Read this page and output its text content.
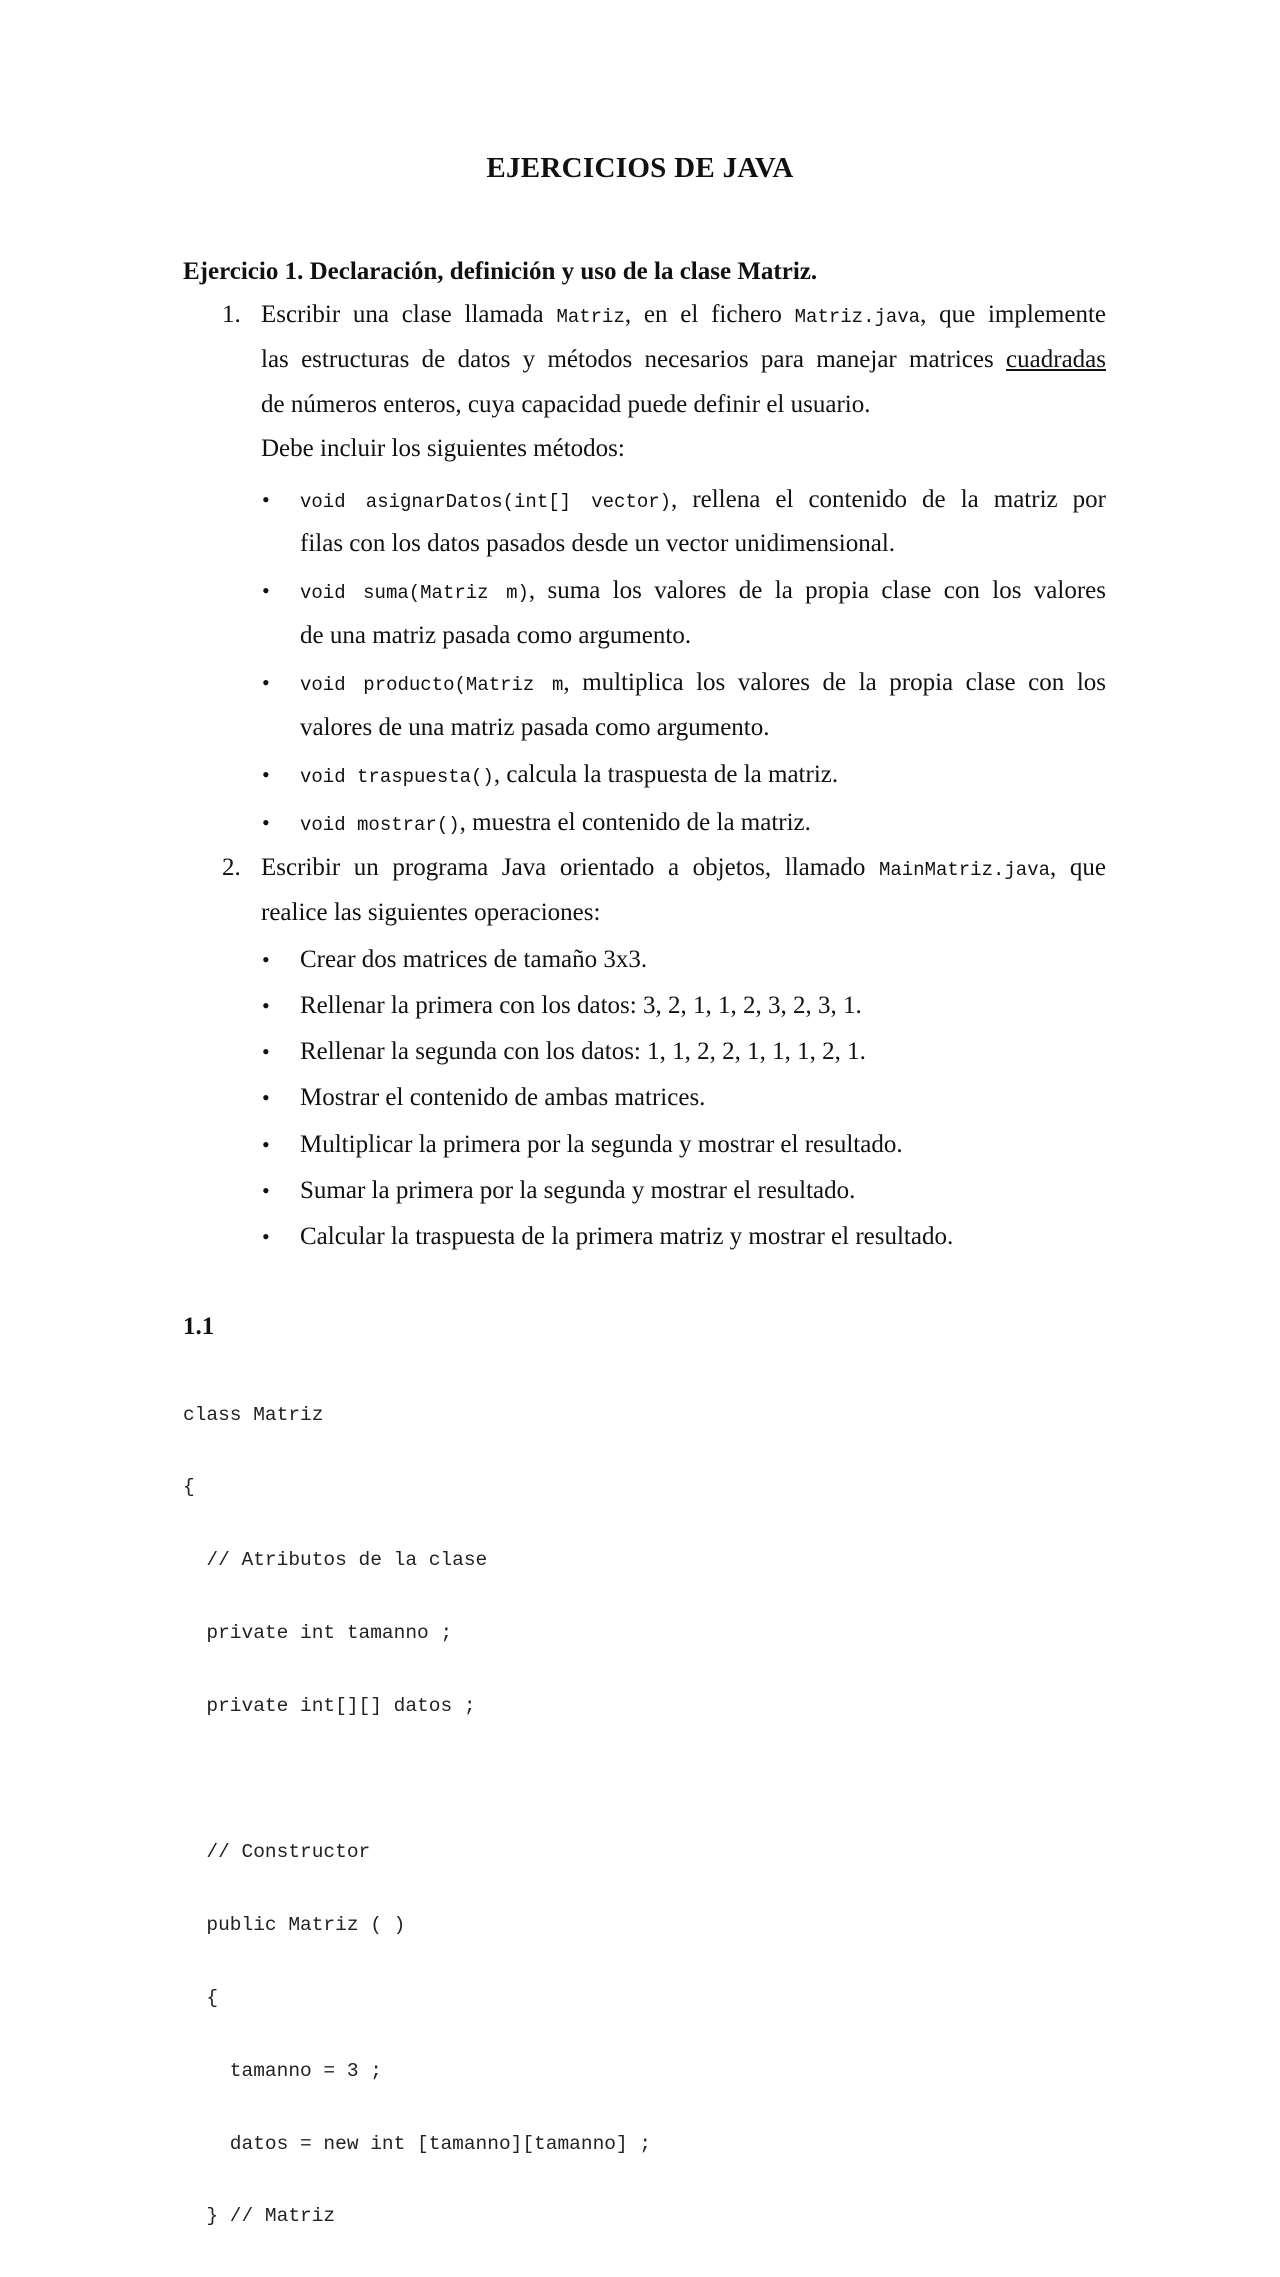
EJERCICIOS DE JAVA
Ejercicio 1. Declaración, definición y uso de la clase Matriz.
1. Escribir una clase llamada Matriz, en el fichero Matriz.java, que implemente
las estructuras de datos y métodos necesarios para manejar matrices cuadradas
de números enteros, cuya capacidad puede definir el usuario.
Debe incluir los siguientes métodos:
• void asignarDatos(int[] vector), rellena el contenido de la matriz por
filas con los datos pasados desde un vector unidimensional.
• void suma(Matriz m), suma los valores de la propia clase con los valores
de una matriz pasada como argumento.
• void producto(Matriz m, multiplica los valores de la propia clase con los
valores de una matriz pasada como argumento.
• void traspuesta(), calcula la traspuesta de la matriz.
• void mostrar(), muestra el contenido de la matriz.
2. Escribir un programa Java orientado a objetos, llamado MainMatriz.java, que
realice las siguientes operaciones:
• Crear dos matrices de tamaño 3x3.
• Rellenar la primera con los datos: 3, 2, 1, 1, 2, 3, 2, 3, 1.
• Rellenar la segunda con los datos: 1, 1, 2, 2, 1, 1, 1, 2, 1.
• Mostrar el contenido de ambas matrices.
• Multiplicar la primera por la segunda y mostrar el resultado.
• Sumar la primera por la segunda y mostrar el resultado.
• Calcular la traspuesta de la primera matriz y mostrar el resultado.
1.1

class Matriz

{

// Atributos de la clase

private int tamanno ;

private int[][] datos ;

// Constructor

public Matriz ( )

{

tamanno = 3 ;

datos = new int [tamanno][tamanno] ;

} // Matriz
